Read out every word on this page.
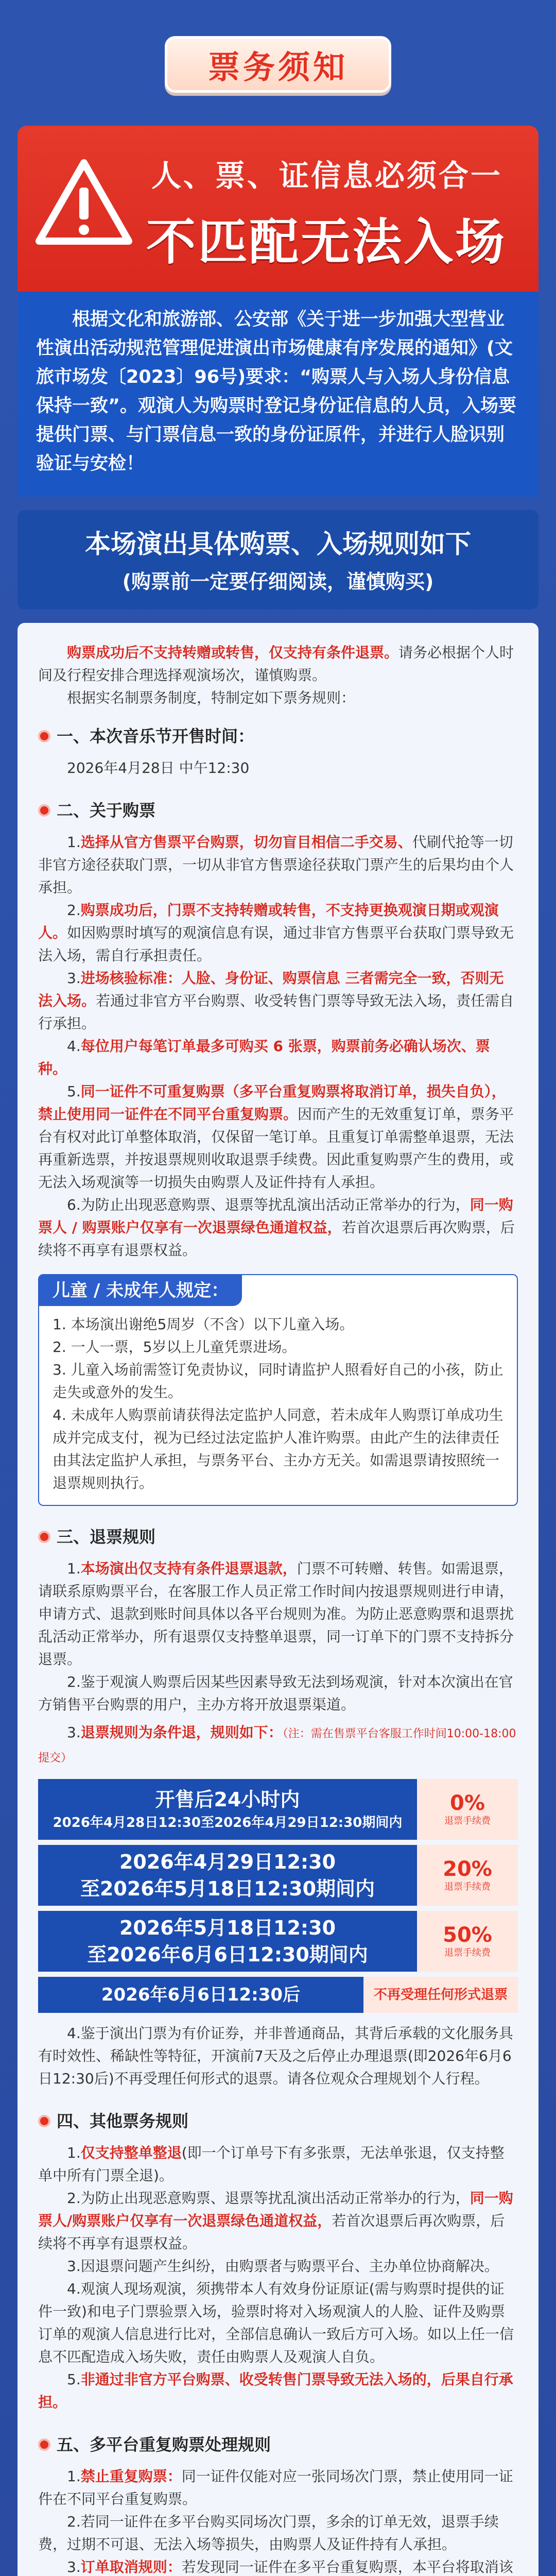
票务须知
人、票、证信息必须合一
不匹配无法入场

根据文化和旅游部、公安部《关于进一步加强大型营业性演出活动规范管理促进演出市场健康有序发展的通知》(文旅市场发〔2023〕96号)要求：“购票人与入场人身份信息保持一致”。观演人为购票时登记身份证信息的人员，入场要提供门票、与门票信息一致的身份证原件，并进行人脸识别验证与安检！

本场演出具体购票、入场规则如下
(购票前一定要仔细阅读，谨慎购买)

购票成功后不支持转赠或转售，仅支持有条件退票。请务必根据个人时间及行程安排合理选择观演场次，谨慎购票。

根据实名制票务制度，特制定如下票务规则：

一、本次音乐节开售时间：

2026年4月28日 中午12:30

二、关于购票

1.选择从官方售票平台购票，切勿盲目相信二手交易、代刷代抢等一切非官方途径获取门票，一切从非官方售票途径获取门票产生的后果均由个人承担。

2.购票成功后，门票不支持转赠或转售，不支持更换观演日期或观演人。如因购票时填写的观演信息有误，通过非官方售票平台获取门票导致无法入场，需自行承担责任。

3.进场核验标准：人脸、身份证、购票信息 三者需完全一致，否则无法入场。若通过非官方平台购票、收受转售门票等导致无法入场，责任需自行承担。

4.每位用户每笔订单最多可购买 6 张票，购票前务必确认场次、票种。

5.同一证件不可重复购票（多平台重复购票将取消订单，损失自负），禁止使用同一证件在不同平台重复购票。因而产生的无效重复订单，票务平台有权对此订单整体取消，仅保留一笔订单。且重复订单需整单退票，无法再重新选票，并按退票规则收取退票手续费。因此重复购票产生的费用，或无法入场观演等一切损失由购票人及证件持有人承担。

6.为防止出现恶意购票、退票等扰乱演出活动正常举办的行为，同一购票人 / 购票账户仅享有一次退票绿色通道权益，若首次退票后再次购票，后续将不再享有退票权益。

儿童 / 未成年人规定：

1. 本场演出谢绝5周岁（不含）以下儿童入场。

2. 一人一票，5岁以上儿童凭票进场。

3. 儿童入场前需签订免责协议，同时请监护人照看好自己的小孩，防止走失或意外的发生。

4. 未成年人购票前请获得法定监护人同意，若未成年人购票订单成功生成并完成支付，视为已经过法定监护人准许购票。由此产生的法律责任由其法定监护人承担，与票务平台、主办方无关。如需退票请按照统一退票规则执行。

三、退票规则

1.本场演出仅支持有条件退票退款，门票不可转赠、转售。如需退票，请联系原购票平台，在客服工作人员正常工作时间内按退票规则进行申请，申请方式、退款到账时间具体以各平台规则为准。为防止恶意购票和退票扰乱活动正常举办，所有退票仅支持整单退票，同一订单下的门票不支持拆分退票。

2.鉴于观演人购票后因某些因素导致无法到场观演，针对本次演出在官方销售平台购票的用户，主办方将开放退票渠道。

3.退票规则为条件退，规则如下：（注：需在售票平台客服工作时间10:00-18:00提交）

开售后24小时内
2026年4月28日12:30至2026年4月29日12:30期间内
0%
退票手续费
2026年4月29日12:30
至2026年5月18日12:30期间内
20%
退票手续费
2026年5月18日12:30
至2026年6月6日12:30期间内
50%
退票手续费
2026年6月6日12:30后	不再受理任何形式退票

4.鉴于演出门票为有价证券，并非普通商品，其背后承载的文化服务具有时效性、稀缺性等特征，开演前7天及之后停止办理退票(即2026年6月6日12:30后)不再受理任何形式的退票。请各位观众合理规划个人行程。

四、其他票务规则

1.仅支持整单整退(即一个订单号下有多张票，无法单张退，仅支持整单中所有门票全退)。

2.为防止出现恶意购票、退票等扰乱演出活动正常举办的行为，同一购票人/购票账户仅享有一次退票绿色通道权益，若首次退票后再次购票，后续将不再享有退票权益。

3.因退票问题产生纠纷，由购票者与购票平台、主办单位协商解决。

4.观演人现场观演，须携带本人有效身份证原证(需与购票时提供的证件一致)和电子门票验票入场，验票时将对入场观演人的人脸、证件及购票订单的观演人信息进行比对，全部信息确认一致后方可入场。如以上任一信息不匹配造成入场失败，责任由购票人及观演人自负。

5.非通过非官方平台购票、收受转售门票导致无法入场的，后果自行承担。

五、多平台重复购票处理规则

1.禁止重复购票：同一证件仅能对应一张同场次门票，禁止使用同一证件在不同平台重复购票。

2.若同一证件在多平台购买同场次门票，多余的订单无效，退票手续费，过期不可退、无法入场等损失，由购票人及证件持有人承担。

3.订单取消规则：若发现同一证件在多平台重复购票，本平台将取消该
